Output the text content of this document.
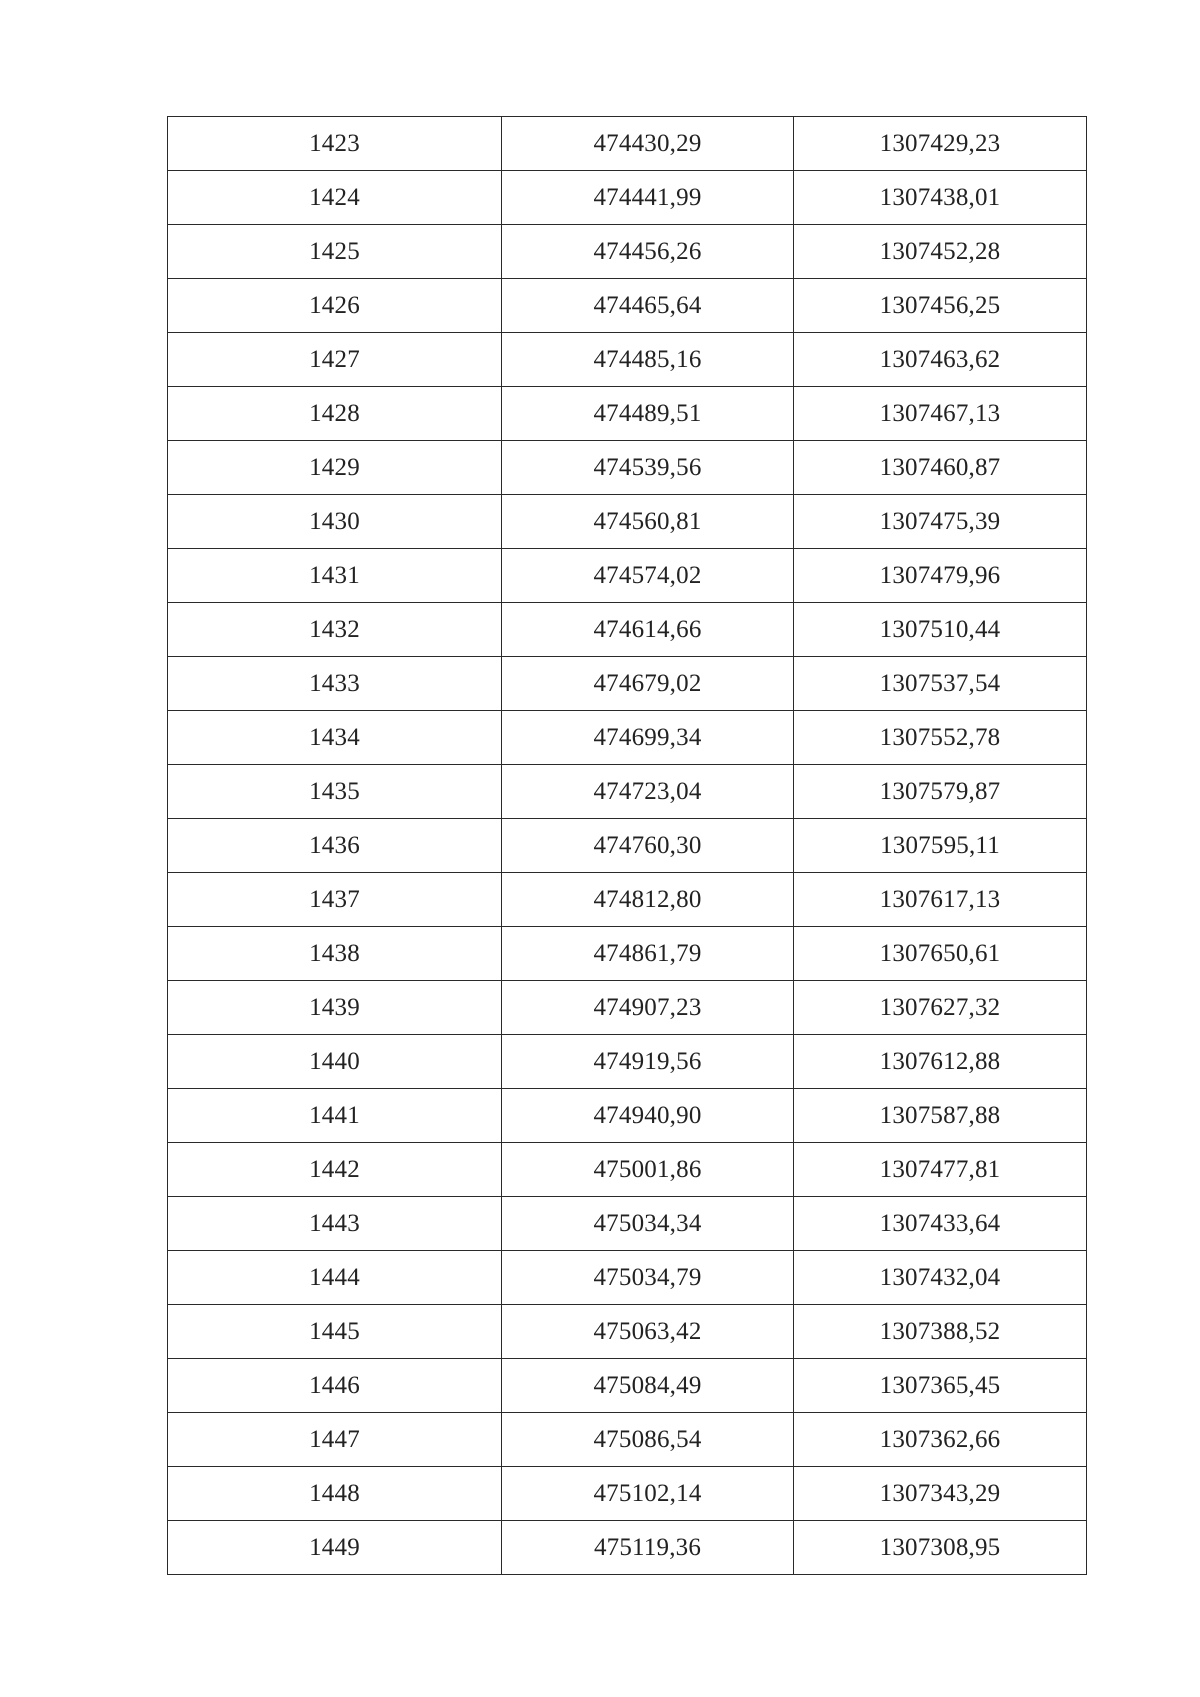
1423	474430,29	1307429,23
1424	474441,99	1307438,01
1425	474456,26	1307452,28
1426	474465,64	1307456,25
1427	474485,16	1307463,62
1428	474489,51	1307467,13
1429	474539,56	1307460,87
1430	474560,81	1307475,39
1431	474574,02	1307479,96
1432	474614,66	1307510,44
1433	474679,02	1307537,54
1434	474699,34	1307552,78
1435	474723,04	1307579,87
1436	474760,30	1307595,11
1437	474812,80	1307617,13
1438	474861,79	1307650,61
1439	474907,23	1307627,32
1440	474919,56	1307612,88
1441	474940,90	1307587,88
1442	475001,86	1307477,81
1443	475034,34	1307433,64
1444	475034,79	1307432,04
1445	475063,42	1307388,52
1446	475084,49	1307365,45
1447	475086,54	1307362,66
1448	475102,14	1307343,29
1449	475119,36	1307308,95
